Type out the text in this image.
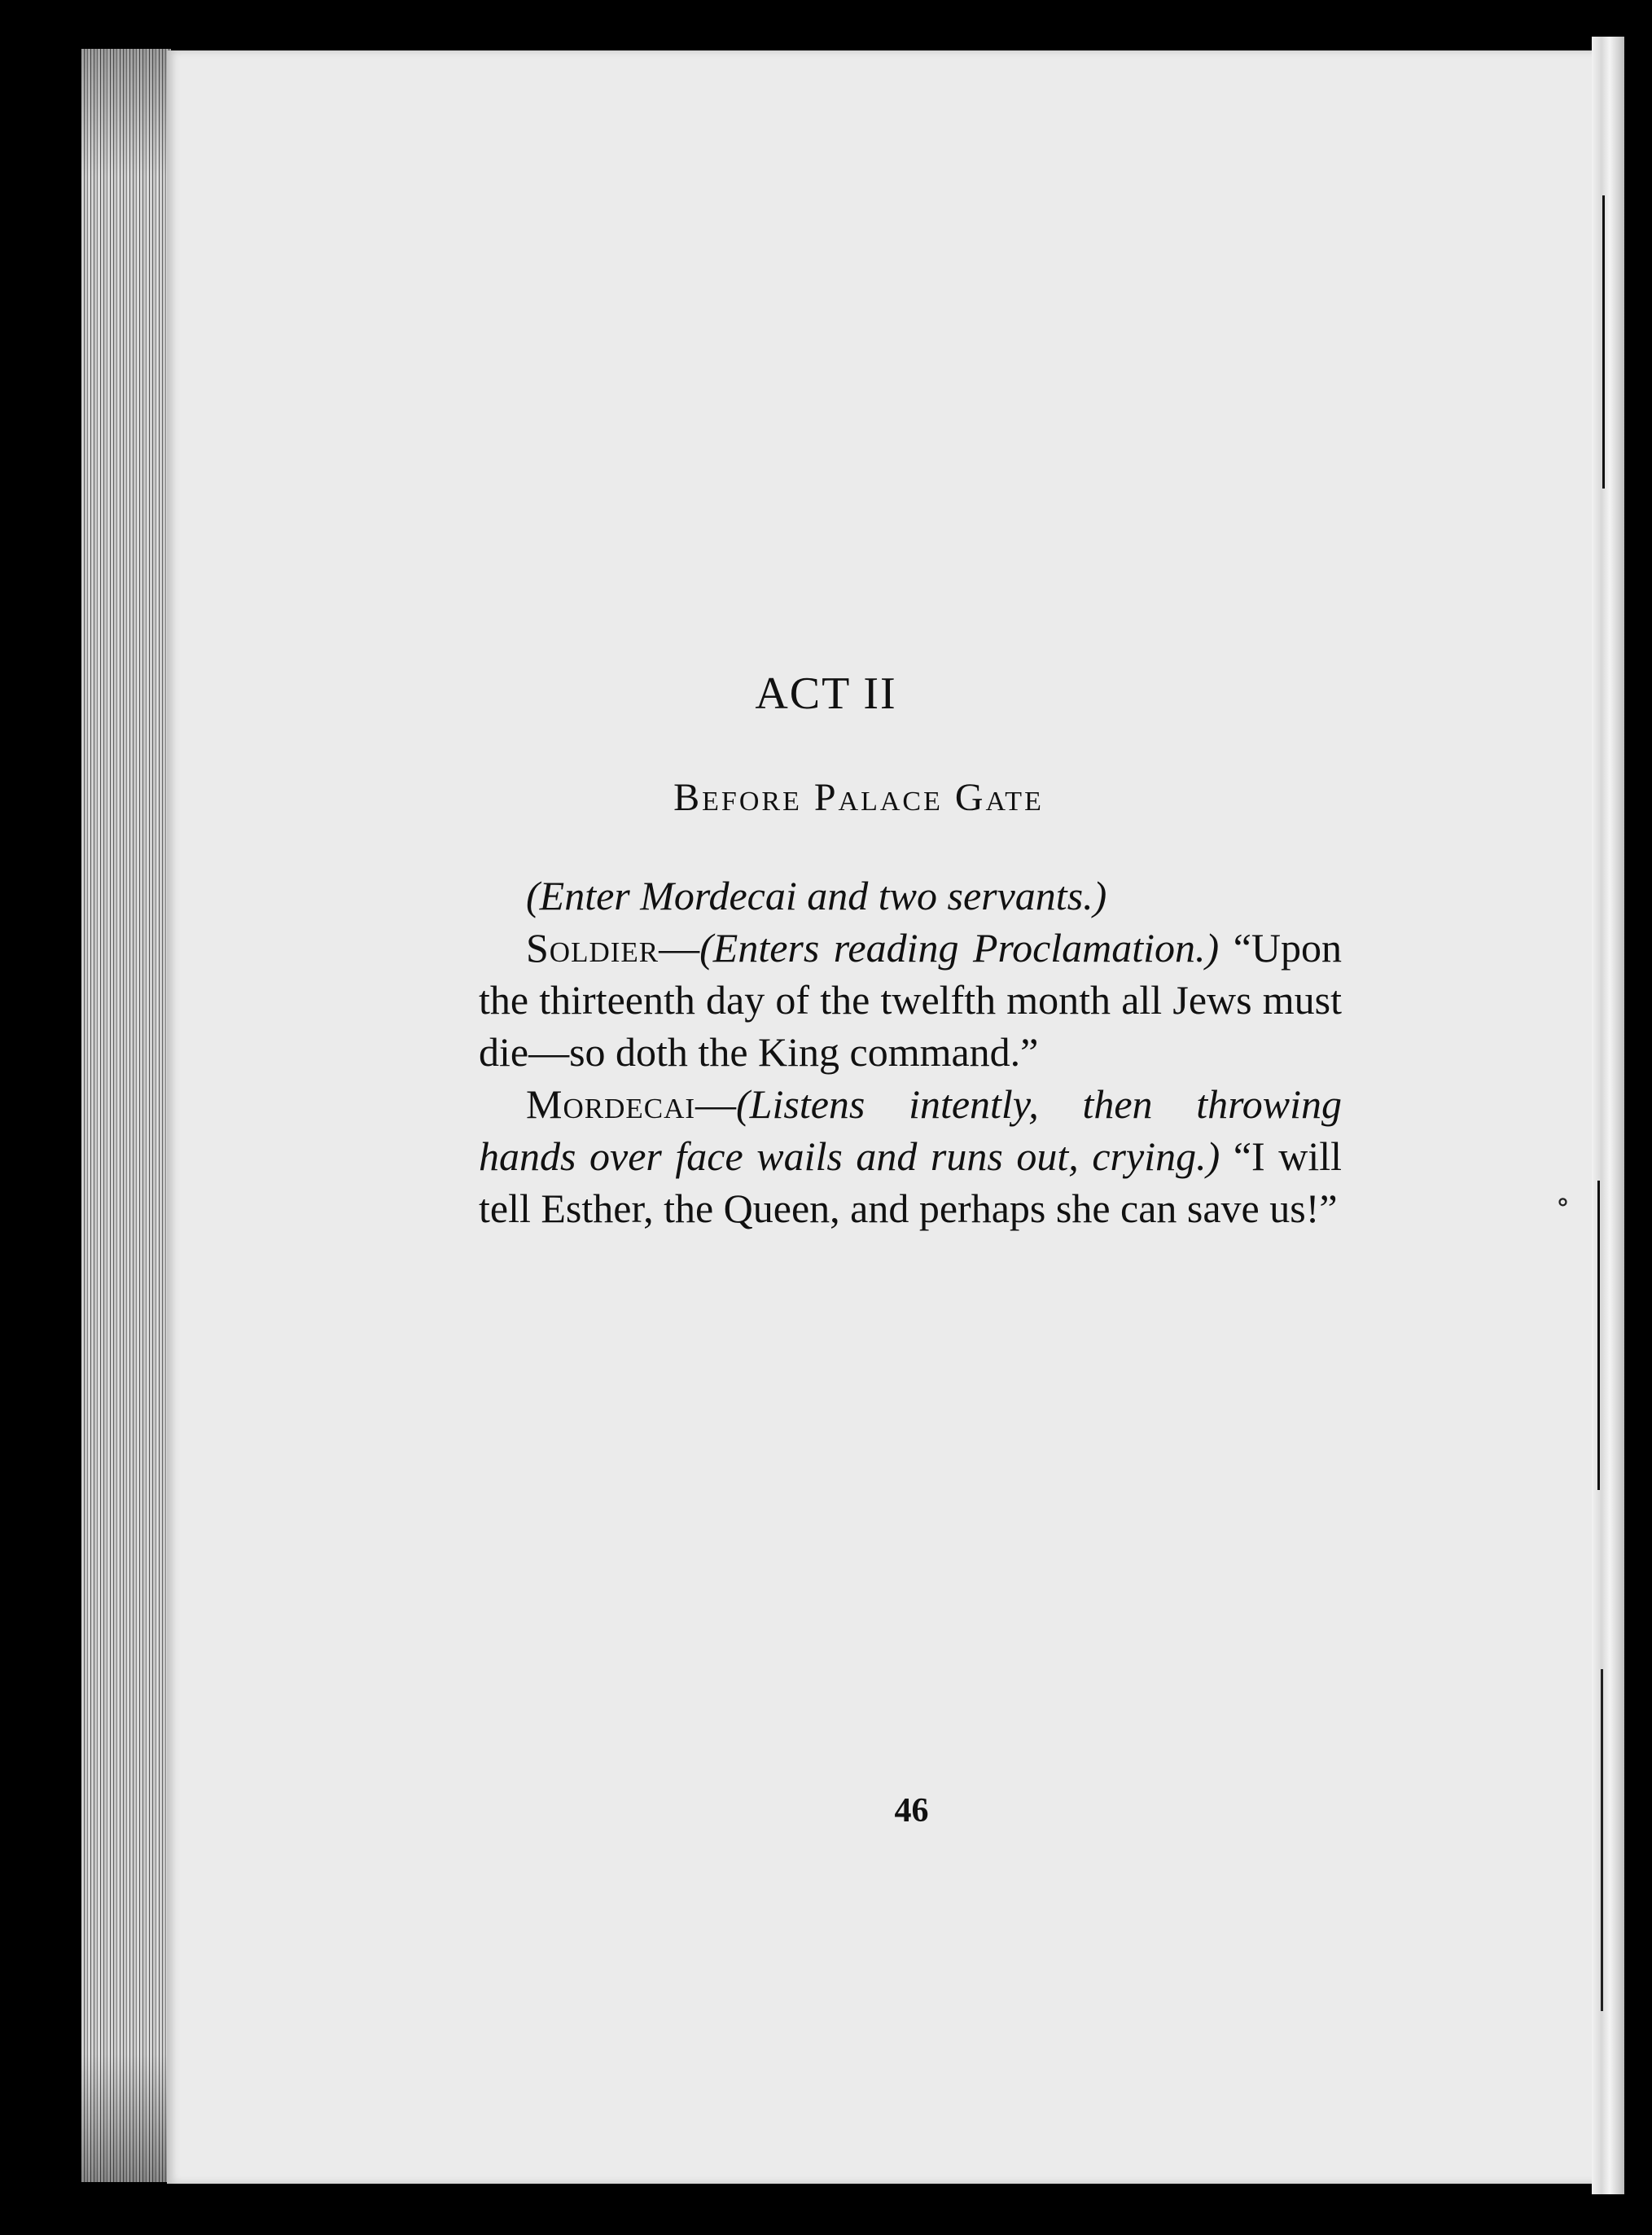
˚
ACT II
Before Palace Gate

(Enter Mordecai and two servants.)

Soldier—(Enters reading Proclamation.) “Upon the thirteenth day of the twelfth month all Jews must die—so doth the King command.”

Mordecai—(Listens intently, then throwing hands over face wails and runs out, crying.) “I will tell Esther, the Queen, and perhaps she can save us!”

46
